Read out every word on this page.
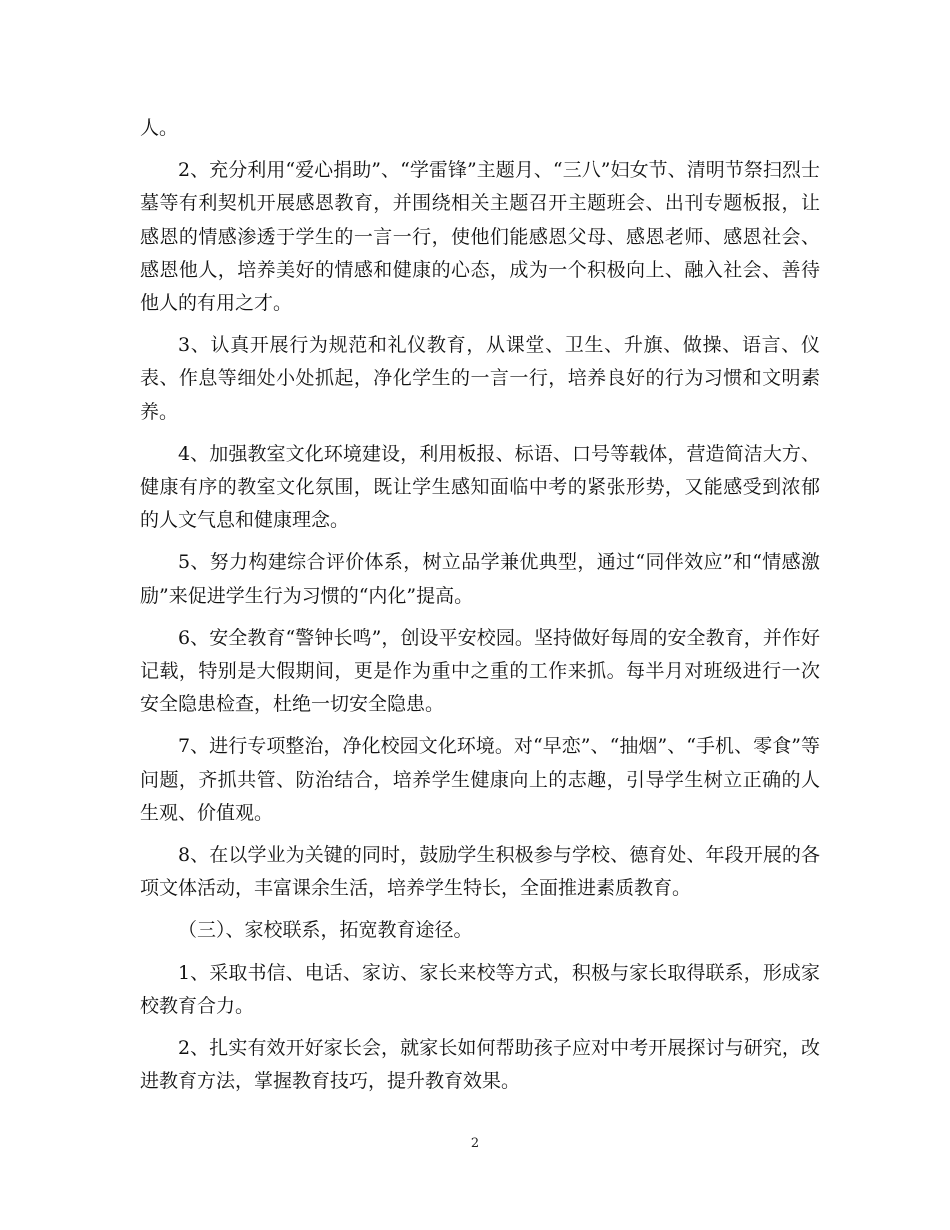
人。

2、充分利用“爱心捐助”、“学雷锋”主题月、“三八”妇女节、清明节祭扫烈士墓等有利契机开展感恩教育，并围绕相关主题召开主题班会、出刊专题板报，让感恩的情感渗透于学生的一言一行，使他们能感恩父母、感恩老师、感恩社会、感恩他人，培养美好的情感和健康的心态，成为一个积极向上、融入社会、善待他人的有用之才。

3、认真开展行为规范和礼仪教育，从课堂、卫生、升旗、做操、语言、仪表、作息等细处小处抓起，净化学生的一言一行，培养良好的行为习惯和文明素养。

4、加强教室文化环境建设，利用板报、标语、口号等载体，营造简洁大方、健康有序的教室文化氛围，既让学生感知面临中考的紧张形势，又能感受到浓郁的人文气息和健康理念。

5、努力构建综合评价体系，树立品学兼优典型，通过“同伴效应”和“情感激励”来促进学生行为习惯的“内化”提高。

6、安全教育“警钟长鸣”，创设平安校园。坚持做好每周的安全教育，并作好记载，特别是大假期间，更是作为重中之重的工作来抓。每半月对班级进行一次安全隐患检查，杜绝一切安全隐患。

7、进行专项整治，净化校园文化环境。对“早恋”、“抽烟”、“手机、零食”等问题，齐抓共管、防治结合，培养学生健康向上的志趣，引导学生树立正确的人生观、价值观。

8、在以学业为关键的同时，鼓励学生积极参与学校、德育处、年段开展的各项文体活动，丰富课余生活，培养学生特长，全面推进素质教育。

（三）、家校联系，拓宽教育途径。

1、采取书信、电话、家访、家长来校等方式，积极与家长取得联系，形成家校教育合力。

2、扎实有效开好家长会，就家长如何帮助孩子应对中考开展探讨与研究，改进教育方法，掌握教育技巧，提升教育效果。

2
